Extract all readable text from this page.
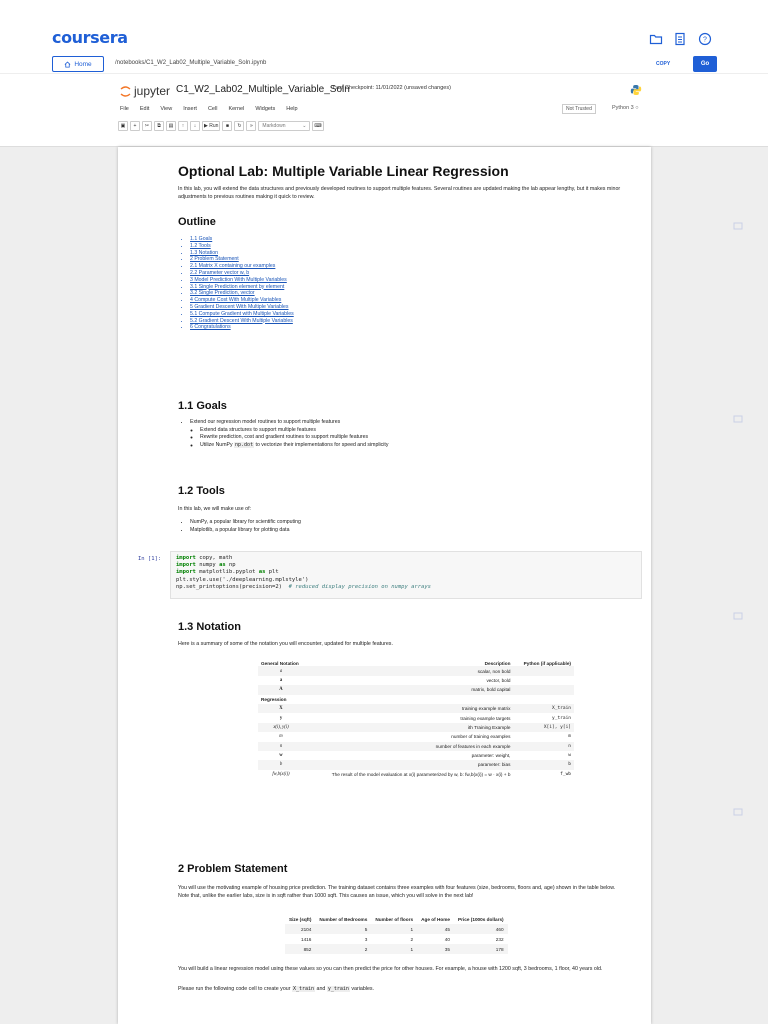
coursera	?
Home	/notebooks/C1_W2_Lab02_Multiple_Variable_Soln.ipynb	COPY	Go
jupyter C1_W2_Lab02_Multiple_Variable_Soln
Last Checkpoint: 11/01/2022 (unsaved changes)
File Edit View Insert Cell Kernel Widgets Help	Not Trusted	Python 3 ○
▣	+	✂	⧉	▤	↑	↓	▶ Run	■	↻	»	Markdown	⌄	⌨
Optional Lab: Multiple Variable Linear Regression
In this lab, you will extend the data structures and previously developed routines to support multiple features. Several routines are updated making the lab appear lengthy, but it makes minor adjustments to previous routines making it quick to review.
Outline
• 1.1 Goals
• 1.2 Tools
• 1.3 Notation
• 2 Problem Statement
• 2.1 Matrix X containing our examples
• 2.2 Parameter vector w, b
• 3 Model Prediction With Multiple Variables
• 3.1 Single Prediction element by element
• 3.2 Single Prediction, vector
• 4 Compute Cost With Multiple Variables
• 5 Gradient Descent With Multiple Variables
• 5.1 Compute Gradient with Multiple Variables
• 5.2 Gradient Descent With Multiple Variables
• 6 Congratulations
1.1 Goals
• Extend our regression model routines to support multiple features
◦ Extend data structures to support multiple features
◦ Rewrite prediction, cost and gradient routines to support multiple features
◦ Utilize NumPy np.dot to vectorize their implementations for speed and simplicity
1.2 Tools
In this lab, we will make use of:
• NumPy, a popular library for scientific computing
• Matplotlib, a popular library for plotting data
import copy, math
import numpy as np
import matplotlib.pyplot as plt
plt.style.use('./deeplearning.mplstyle')
np.set_printoptions(precision=2) # reduced display precision on numpy arrays
In [1]:
1.3 Notation
Here is a summary of some of the notation you will encounter, updated for multiple features.
General Notation	Description	Python (if applicable)
a	scalar, non bold	
a	vector, bold	
A	matrix, bold capital	
Regression		
X	training example matrix	X_train
y	training example targets	y_train
x(i), y(i)	ith Training Example	X[i], y[i]
m	number of training examples	m
n	number of features in each example	n
w	parameter: weight,	w
b	parameter: bias	b
fw,b(x(i))	The result of the model evaluation at x(i) parameterized by w, b: fw,b(x(i)) = w · x(i) + b	f_wb
2 Problem Statement
You will use the motivating example of housing price prediction. The training dataset contains three examples with four features (size, bedrooms, floors and, age) shown in the table below. Note that, unlike the earlier labs, size is in sqft rather than 1000 sqft. This causes an issue, which you will solve in the next lab!
Size (sqft)	Number of Bedrooms	Number of floors	Age of Home	Price (1000s dollars)
2104	5	1	45	460
1416	3	2	40	232
852	2	1	35	178
You will build a linear regression model using these values so you can then predict the price for other houses. For example, a house with 1200 sqft, 3 bedrooms, 1 floor, 40 years old.
Please run the following code cell to create your X_train and y_train variables.
